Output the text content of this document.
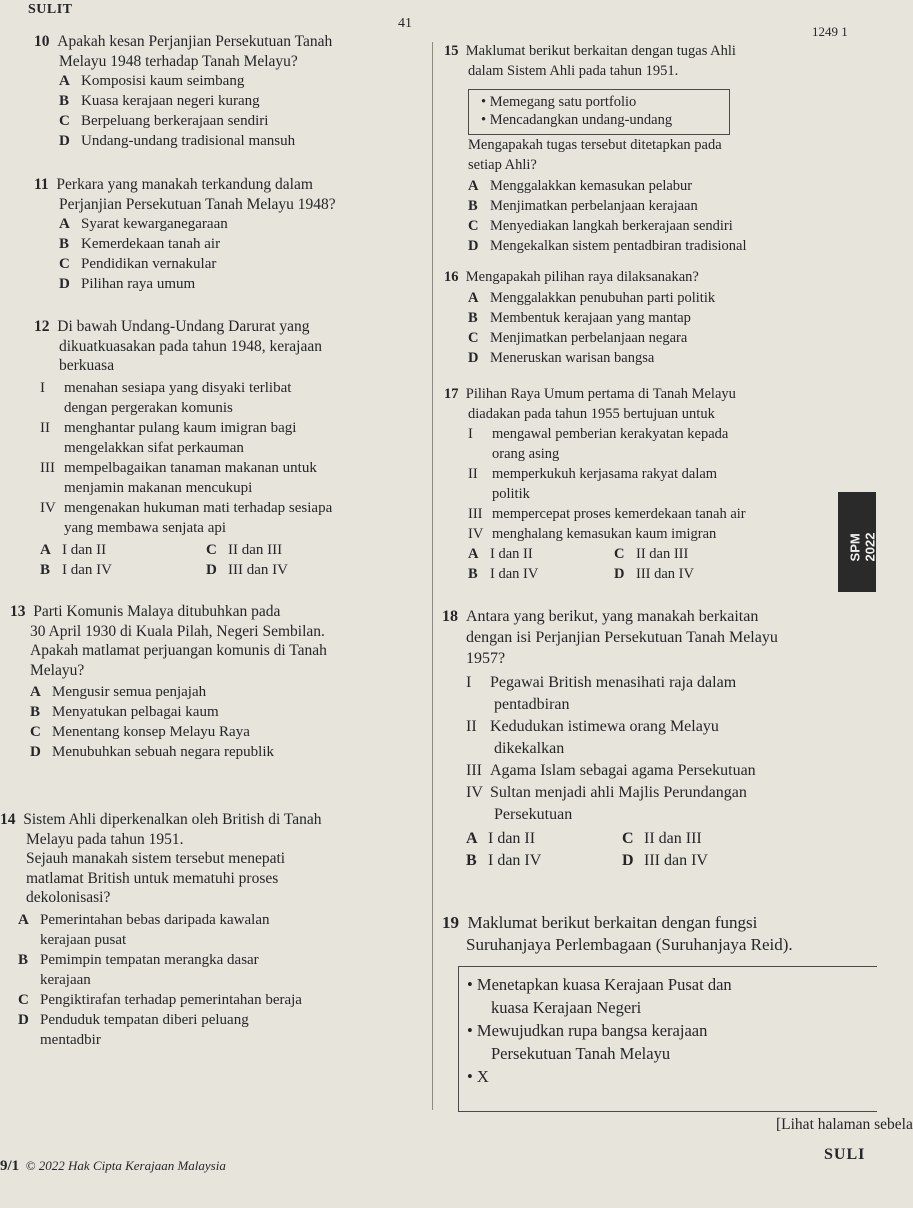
SULIT
41
1249 1
10 Apakah kesan Perjanjian Persekutuan Tanah
Melayu 1948 terhadap Tanah Melayu?
A Komposisi kaum seimbang
B Kuasa kerajaan negeri kurang
C Berpeluang berkerajaan sendiri
D Undang-undang tradisional mansuh
11 Perkara yang manakah terkandung dalam
Perjanjian Persekutuan Tanah Melayu 1948?
A Syarat kewarganegaraan
B Kemerdekaan tanah air
C Pendidikan vernakular
D Pilihan raya umum
12 Di bawah Undang-Undang Darurat yang
dikuatkuasakan pada tahun 1948, kerajaan
berkuasa
I menahan sesiapa yang disyaki terlibat
dengan pergerakan komunis
II menghantar pulang kaum imigran bagi
mengelakkan sifat perkauman
III mempelbagaikan tanaman makanan untuk
menjamin makanan mencukupi
IV mengenakan hukuman mati terhadap sesiapa
yang membawa senjata api
A I dan II	C II dan III
B I dan IV	D III dan IV
13 Parti Komunis Malaya ditubuhkan pada
30 April 1930 di Kuala Pilah, Negeri Sembilan.
Apakah matlamat perjuangan komunis di Tanah
Melayu?
A Mengusir semua penjajah
B Menyatukan pelbagai kaum
C Menentang konsep Melayu Raya
D Menubuhkan sebuah negara republik
14 Sistem Ahli diperkenalkan oleh British di Tanah
Melayu pada tahun 1951.
Sejauh manakah sistem tersebut menepati
matlamat British untuk mematuhi proses
dekolonisasi?
A Pemerintahan bebas daripada kawalan
kerajaan pusat
B Pemimpin tempatan merangka dasar
kerajaan
C Pengiktirafan terhadap pemerintahan beraja
D Penduduk tempatan diberi peluang
mentadbir
15 Maklumat berikut berkaitan dengan tugas Ahli
dalam Sistem Ahli pada tahun 1951.
• Memegang satu portfolio
• Mencadangkan undang-undang
Mengapakah tugas tersebut ditetapkan pada
setiap Ahli?
A Menggalakkan kemasukan pelabur
B Menjimatkan perbelanjaan kerajaan
C Menyediakan langkah berkerajaan sendiri
D Mengekalkan sistem pentadbiran tradisional
16 Mengapakah pilihan raya dilaksanakan?
A Menggalakkan penubuhan parti politik
B Membentuk kerajaan yang mantap
C Menjimatkan perbelanjaan negara
D Meneruskan warisan bangsa
17 Pilihan Raya Umum pertama di Tanah Melayu
diadakan pada tahun 1955 bertujuan untuk
I mengawal pemberian kerakyatan kepada
orang asing
II memperkukuh kerjasama rakyat dalam
politik
III mempercepat proses kemerdekaan tanah air
IV menghalang kemasukan kaum imigran
A I dan II	C II dan III
B I dan IV	D III dan IV
SPM 2022
18 Antara yang berikut, yang manakah berkaitan
dengan isi Perjanjian Persekutuan Tanah Melayu
1957?
I Pegawai British menasihati raja dalam
pentadbiran
II Kedudukan istimewa orang Melayu
dikekalkan
III Agama Islam sebagai agama Persekutuan
IV Sultan menjadi ahli Majlis Perundangan
Persekutuan
A I dan II	C II dan III
B I dan IV	D III dan IV
19 Maklumat berikut berkaitan dengan fungsi
Suruhanjaya Perlembagaan (Suruhanjaya Reid).
• Menetapkan kuasa Kerajaan Pusat dan
kuasa Kerajaan Negeri
• Mewujudkan rupa bangsa kerajaan
Persekutuan Tanah Melayu
• X
[Lihat halaman sebela
SULI
9/1 © 2022 Hak Cipta Kerajaan Malaysia
